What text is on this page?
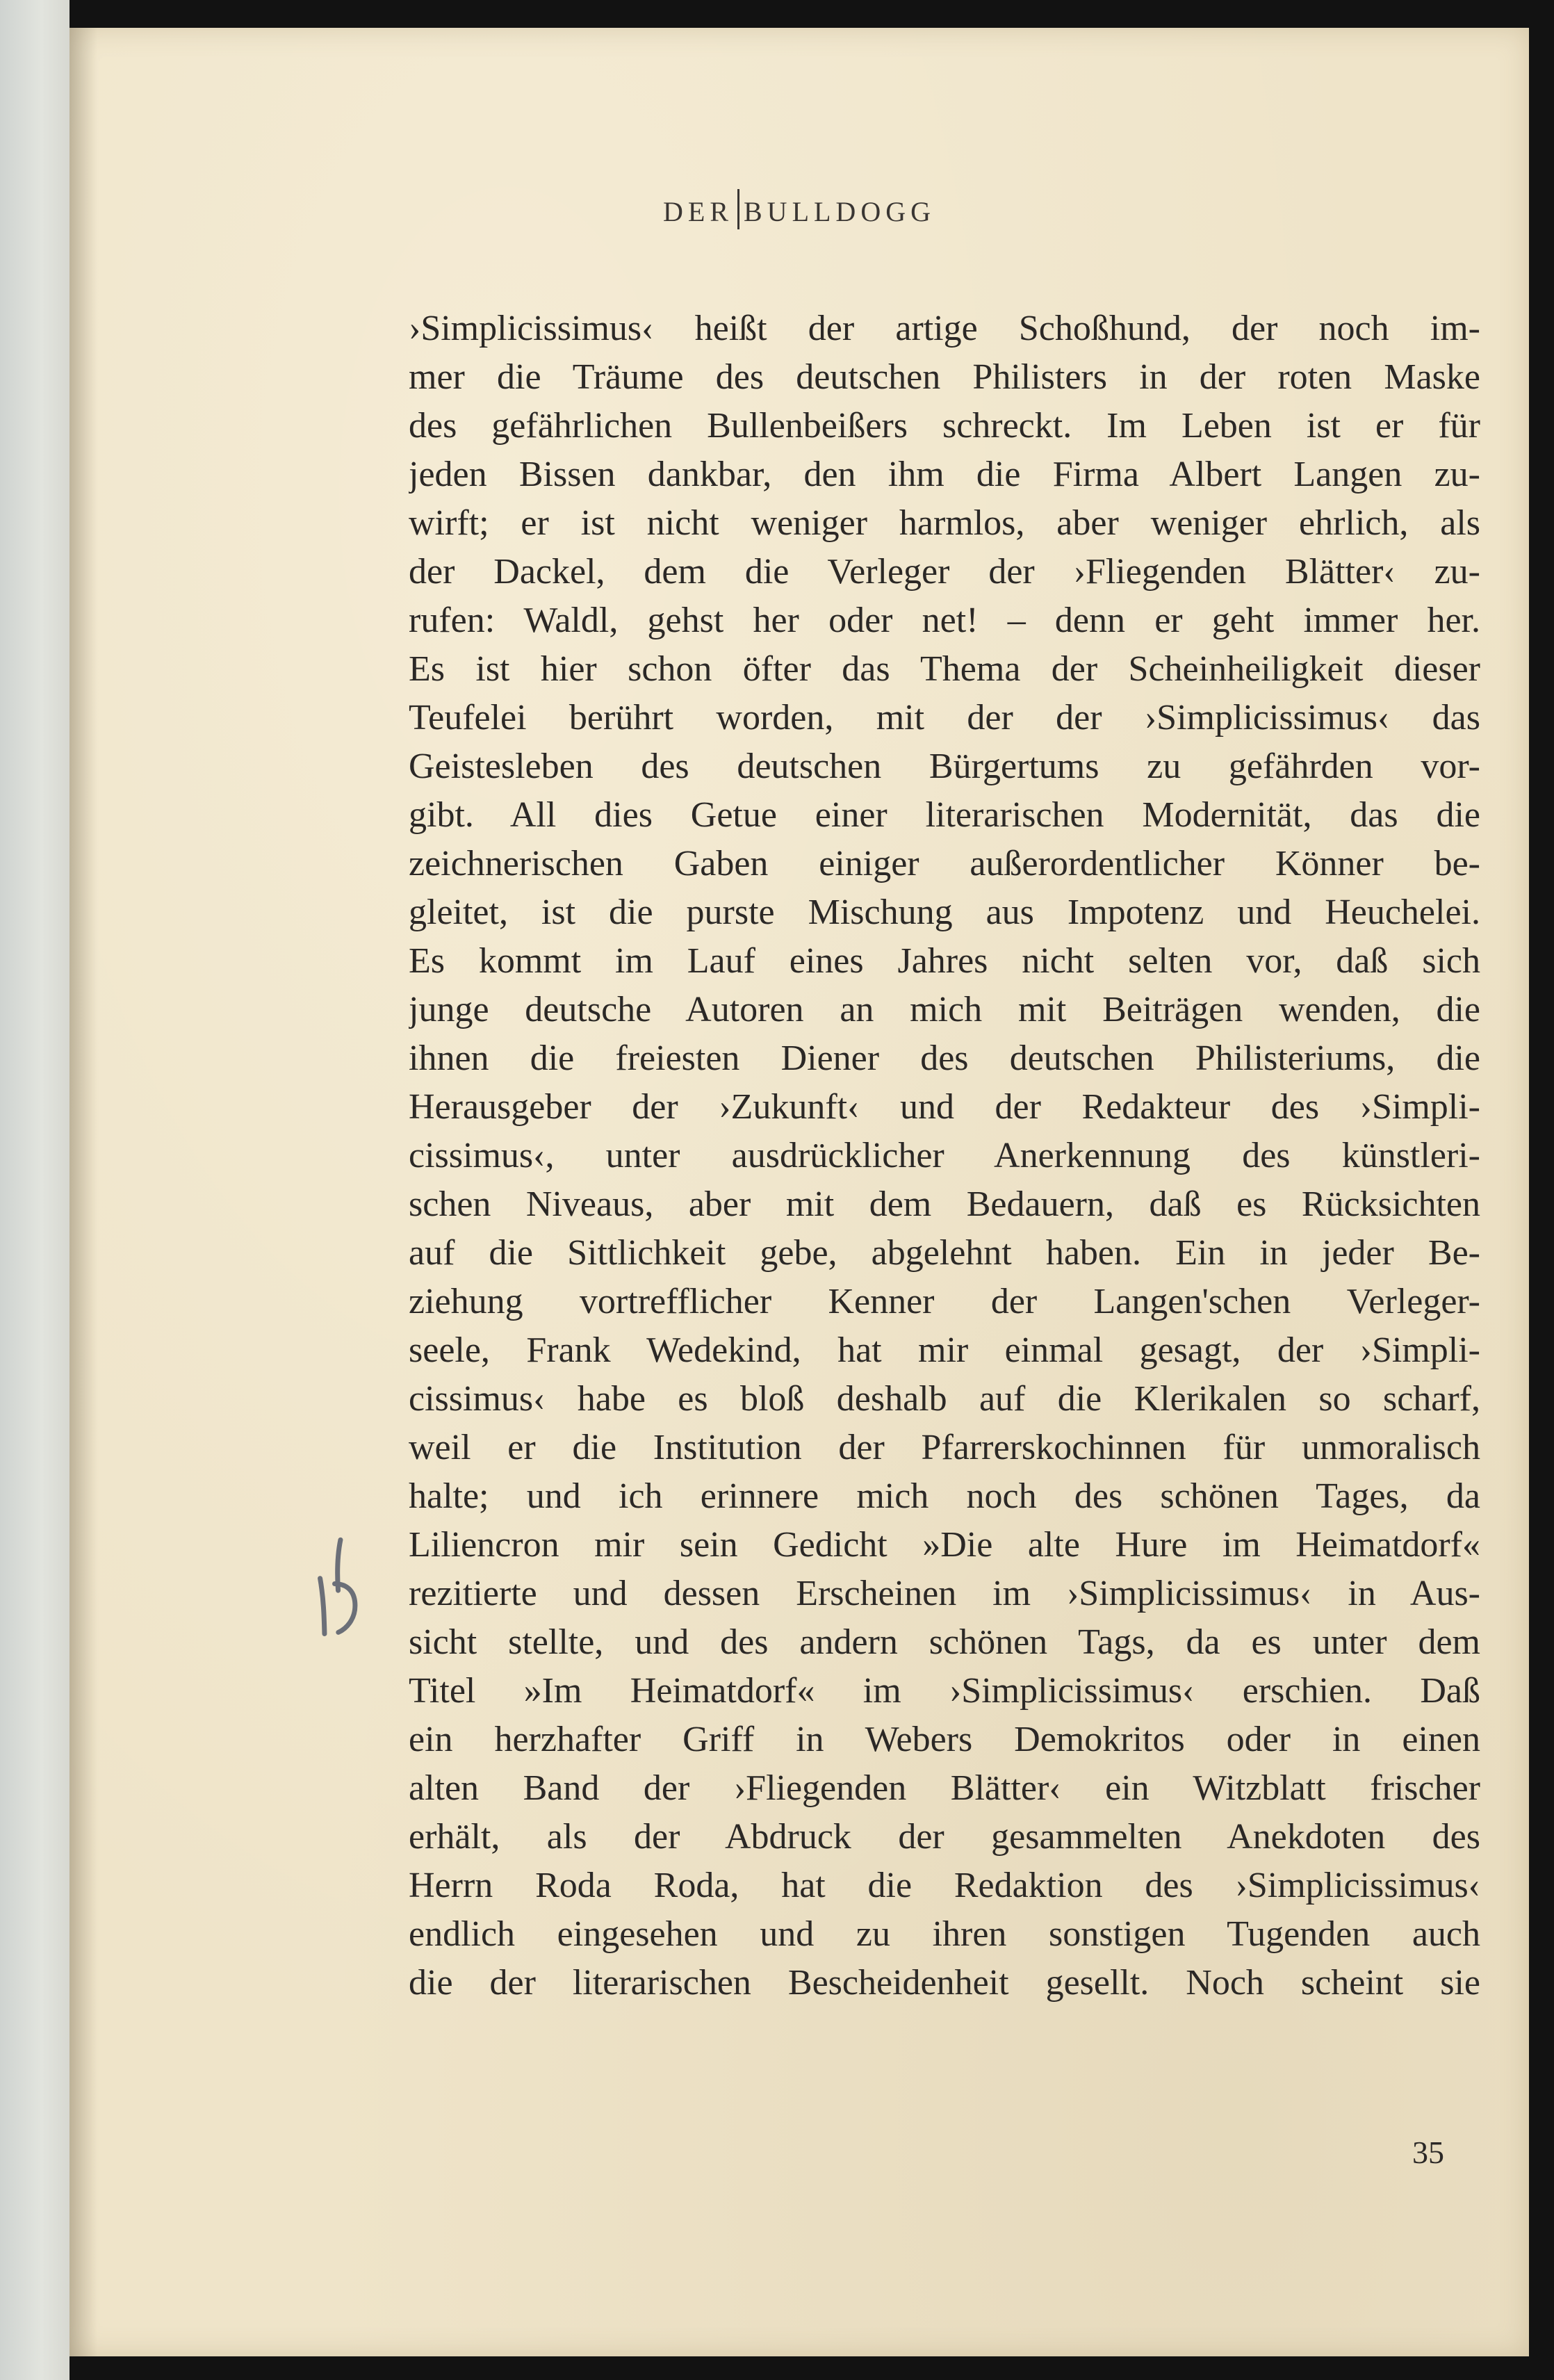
DER BULLDOGG
›Simplicissimus‹ heißt der artige Schoßhund, der noch im-
mer die Träume des deutschen Philisters in der roten Maske
des gefährlichen Bullenbeißers schreckt. Im Leben ist er für
jeden Bissen dankbar, den ihm die Firma Albert Langen zu-
wirft; er ist nicht weniger harmlos, aber weniger ehrlich, als
der Dackel, dem die Verleger der ›Fliegenden Blätter‹ zu-
rufen: Waldl, gehst her oder net! – denn er geht immer her.
Es ist hier schon öfter das Thema der Scheinheiligkeit dieser
Teufelei berührt worden, mit der der ›Simplicissimus‹ das
Geistesleben des deutschen Bürgertums zu gefährden vor-
gibt. All dies Getue einer literarischen Modernität, das die
zeichnerischen Gaben einiger außerordentlicher Könner be-
gleitet, ist die purste Mischung aus Impotenz und Heuchelei.
Es kommt im Lauf eines Jahres nicht selten vor, daß sich
junge deutsche Autoren an mich mit Beiträgen wenden, die
ihnen die freiesten Diener des deutschen Philisteriums, die
Herausgeber der ›Zukunft‹ und der Redakteur des ›Simpli-
cissimus‹, unter ausdrücklicher Anerkennung des künstleri-
schen Niveaus, aber mit dem Bedauern, daß es Rücksichten
auf die Sittlichkeit gebe, abgelehnt haben. Ein in jeder Be-
ziehung vortrefflicher Kenner der Langen'schen Verleger-
seele, Frank Wedekind, hat mir einmal gesagt, der ›Simpli-
cissimus‹ habe es bloß deshalb auf die Klerikalen so scharf,
weil er die Institution der Pfarrerskochinnen für unmoralisch
halte; und ich erinnere mich noch des schönen Tages, da
Liliencron mir sein Gedicht »Die alte Hure im Heimatdorf«
rezitierte und dessen Erscheinen im ›Simplicissimus‹ in Aus-
sicht stellte, und des andern schönen Tags, da es unter dem
Titel »Im Heimatdorf« im ›Simplicissimus‹ erschien. Daß
ein herzhafter Griff in Webers Demokritos oder in einen
alten Band der ›Fliegenden Blätter‹ ein Witzblatt frischer
erhält, als der Abdruck der gesammelten Anekdoten des
Herrn Roda Roda, hat die Redaktion des ›Simplicissimus‹
endlich eingesehen und zu ihren sonstigen Tugenden auch
die der literarischen Bescheidenheit gesellt. Noch scheint sie
35
